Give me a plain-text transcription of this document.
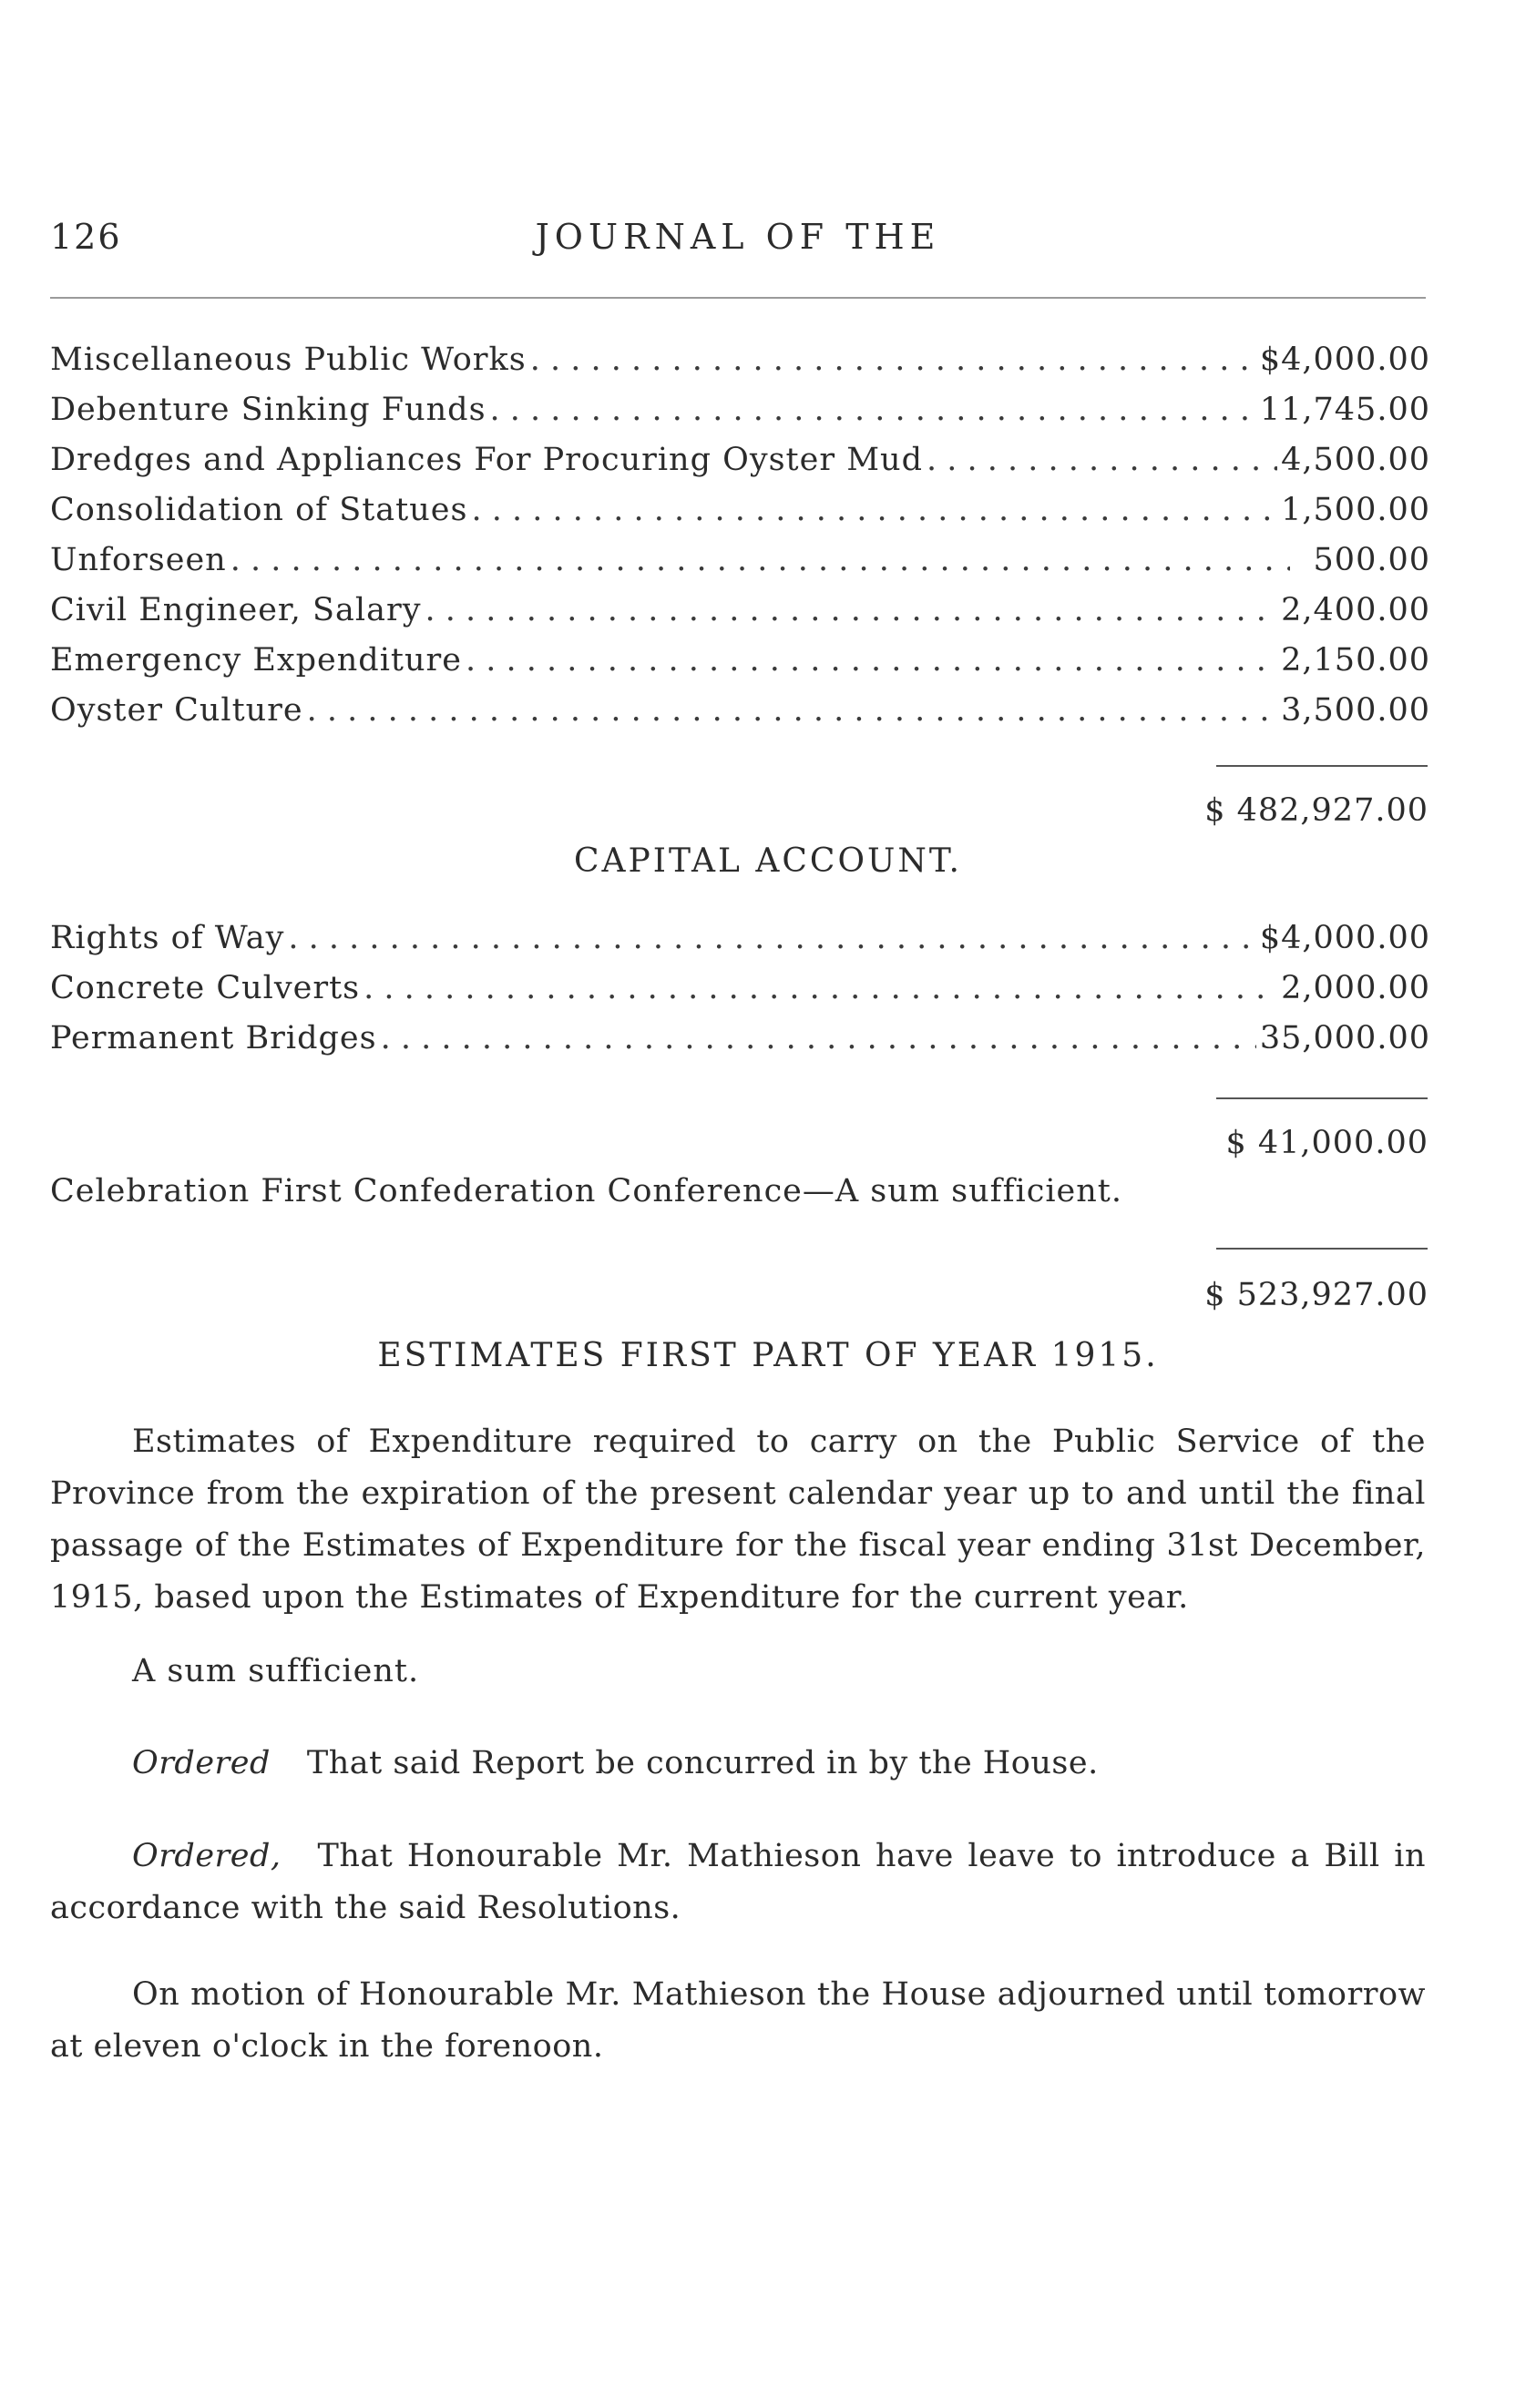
126	JOURNAL OF THE
Miscellaneous Public Works . . .	$4,000.00
Debenture Sinking Funds . . .	11,745.00
Dredges and Appliances For Procuring Oyster Mud . . .	4,500.00
Consolidation of Statues . . .	1,500.00
Unforseen . . .	500.00
Civil Engineer, Salary . . .	2,400.00
Emergency Expenditure . . .	2,150.00
Oyster Culture . . .	3,500.00
$ 482,927.00
CAPITAL ACCOUNT.
Rights of Way . . .	$4,000.00
Concrete Culverts . . .	2,000.00
Permanent Bridges . . .	35,000.00
$ 41,000.00
Celebration First Confederation Conference—A sum sufficient.
$ 523,927.00
ESTIMATES FIRST PART OF YEAR 1915.
Estimates of Expenditure required to carry on the Public Service of the Province from the expiration of the present calendar year up to and until the final passage of the Estimates of Expenditure for the fiscal year ending 31st December, 1915, based upon the Estimates of Expenditure for the current year.
A sum sufficient.
Ordered That said Report be concurred in by the House.
Ordered, That Honourable Mr. Mathieson have leave to introduce a Bill in accordance with the said Resolutions.
On motion of Honourable Mr. Mathieson the House adjourned until tomorrow at eleven o'clock in the forenoon.
